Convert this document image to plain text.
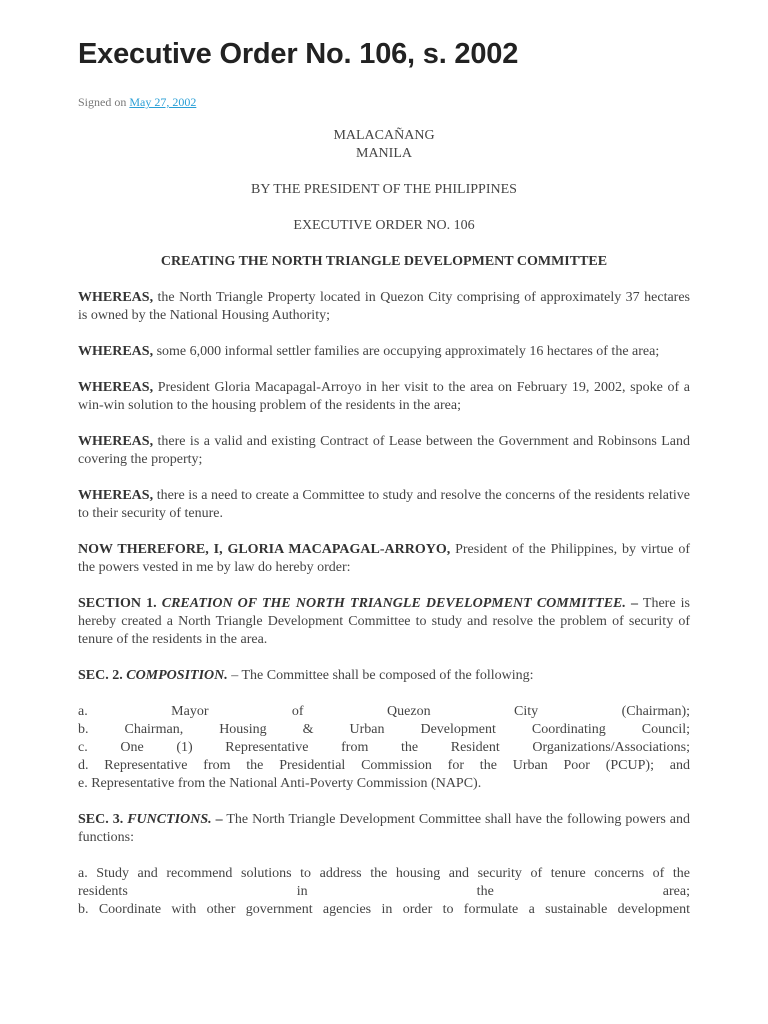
Executive Order No. 106, s. 2002
Signed on May 27, 2002

MALACAÑANG

MANILA

BY THE PRESIDENT OF THE PHILIPPINES

EXECUTIVE ORDER NO. 106

CREATING THE NORTH TRIANGLE DEVELOPMENT COMMITTEE

WHEREAS, the North Triangle Property located in Quezon City comprising of approximately 37 hectares is owned by the National Housing Authority;

WHEREAS, some 6,000 informal settler families are occupying approximately 16 hectares of the area;

WHEREAS, President Gloria Macapagal-Arroyo in her visit to the area on February 19, 2002, spoke of a win-win solution to the housing problem of the residents in the area;

WHEREAS, there is a valid and existing Contract of Lease between the Government and Robinsons Land covering the property;

WHEREAS, there is a need to create a Committee to study and resolve the concerns of the residents relative to their security of tenure.

NOW THEREFORE, I, GLORIA MACAPAGAL-ARROYO, President of the Philippines, by virtue of the powers vested in me by law do hereby order:

SECTION 1. CREATION OF THE NORTH TRIANGLE DEVELOPMENT COMMITTEE. – There is hereby created a North Triangle Development Committee to study and resolve the problem of security of tenure of the residents in the area.

SEC. 2. COMPOSITION. – The Committee shall be composed of the following:

a. Mayor of Quezon City (Chairman);

b. Chairman, Housing & Urban Development Coordinating Council;

c. One (1) Representative from the Resident Organizations/Associations;

d. Representative from the Presidential Commission for the Urban Poor (PCUP); and

e. Representative from the National Anti-Poverty Commission (NAPC).

SEC. 3. FUNCTIONS. – The North Triangle Development Committee shall have the following powers and functions:

a. Study and recommend solutions to address the housing and security of tenure concerns of the

residents in the area;

b. Coordinate with other government agencies in order to formulate a sustainable development
